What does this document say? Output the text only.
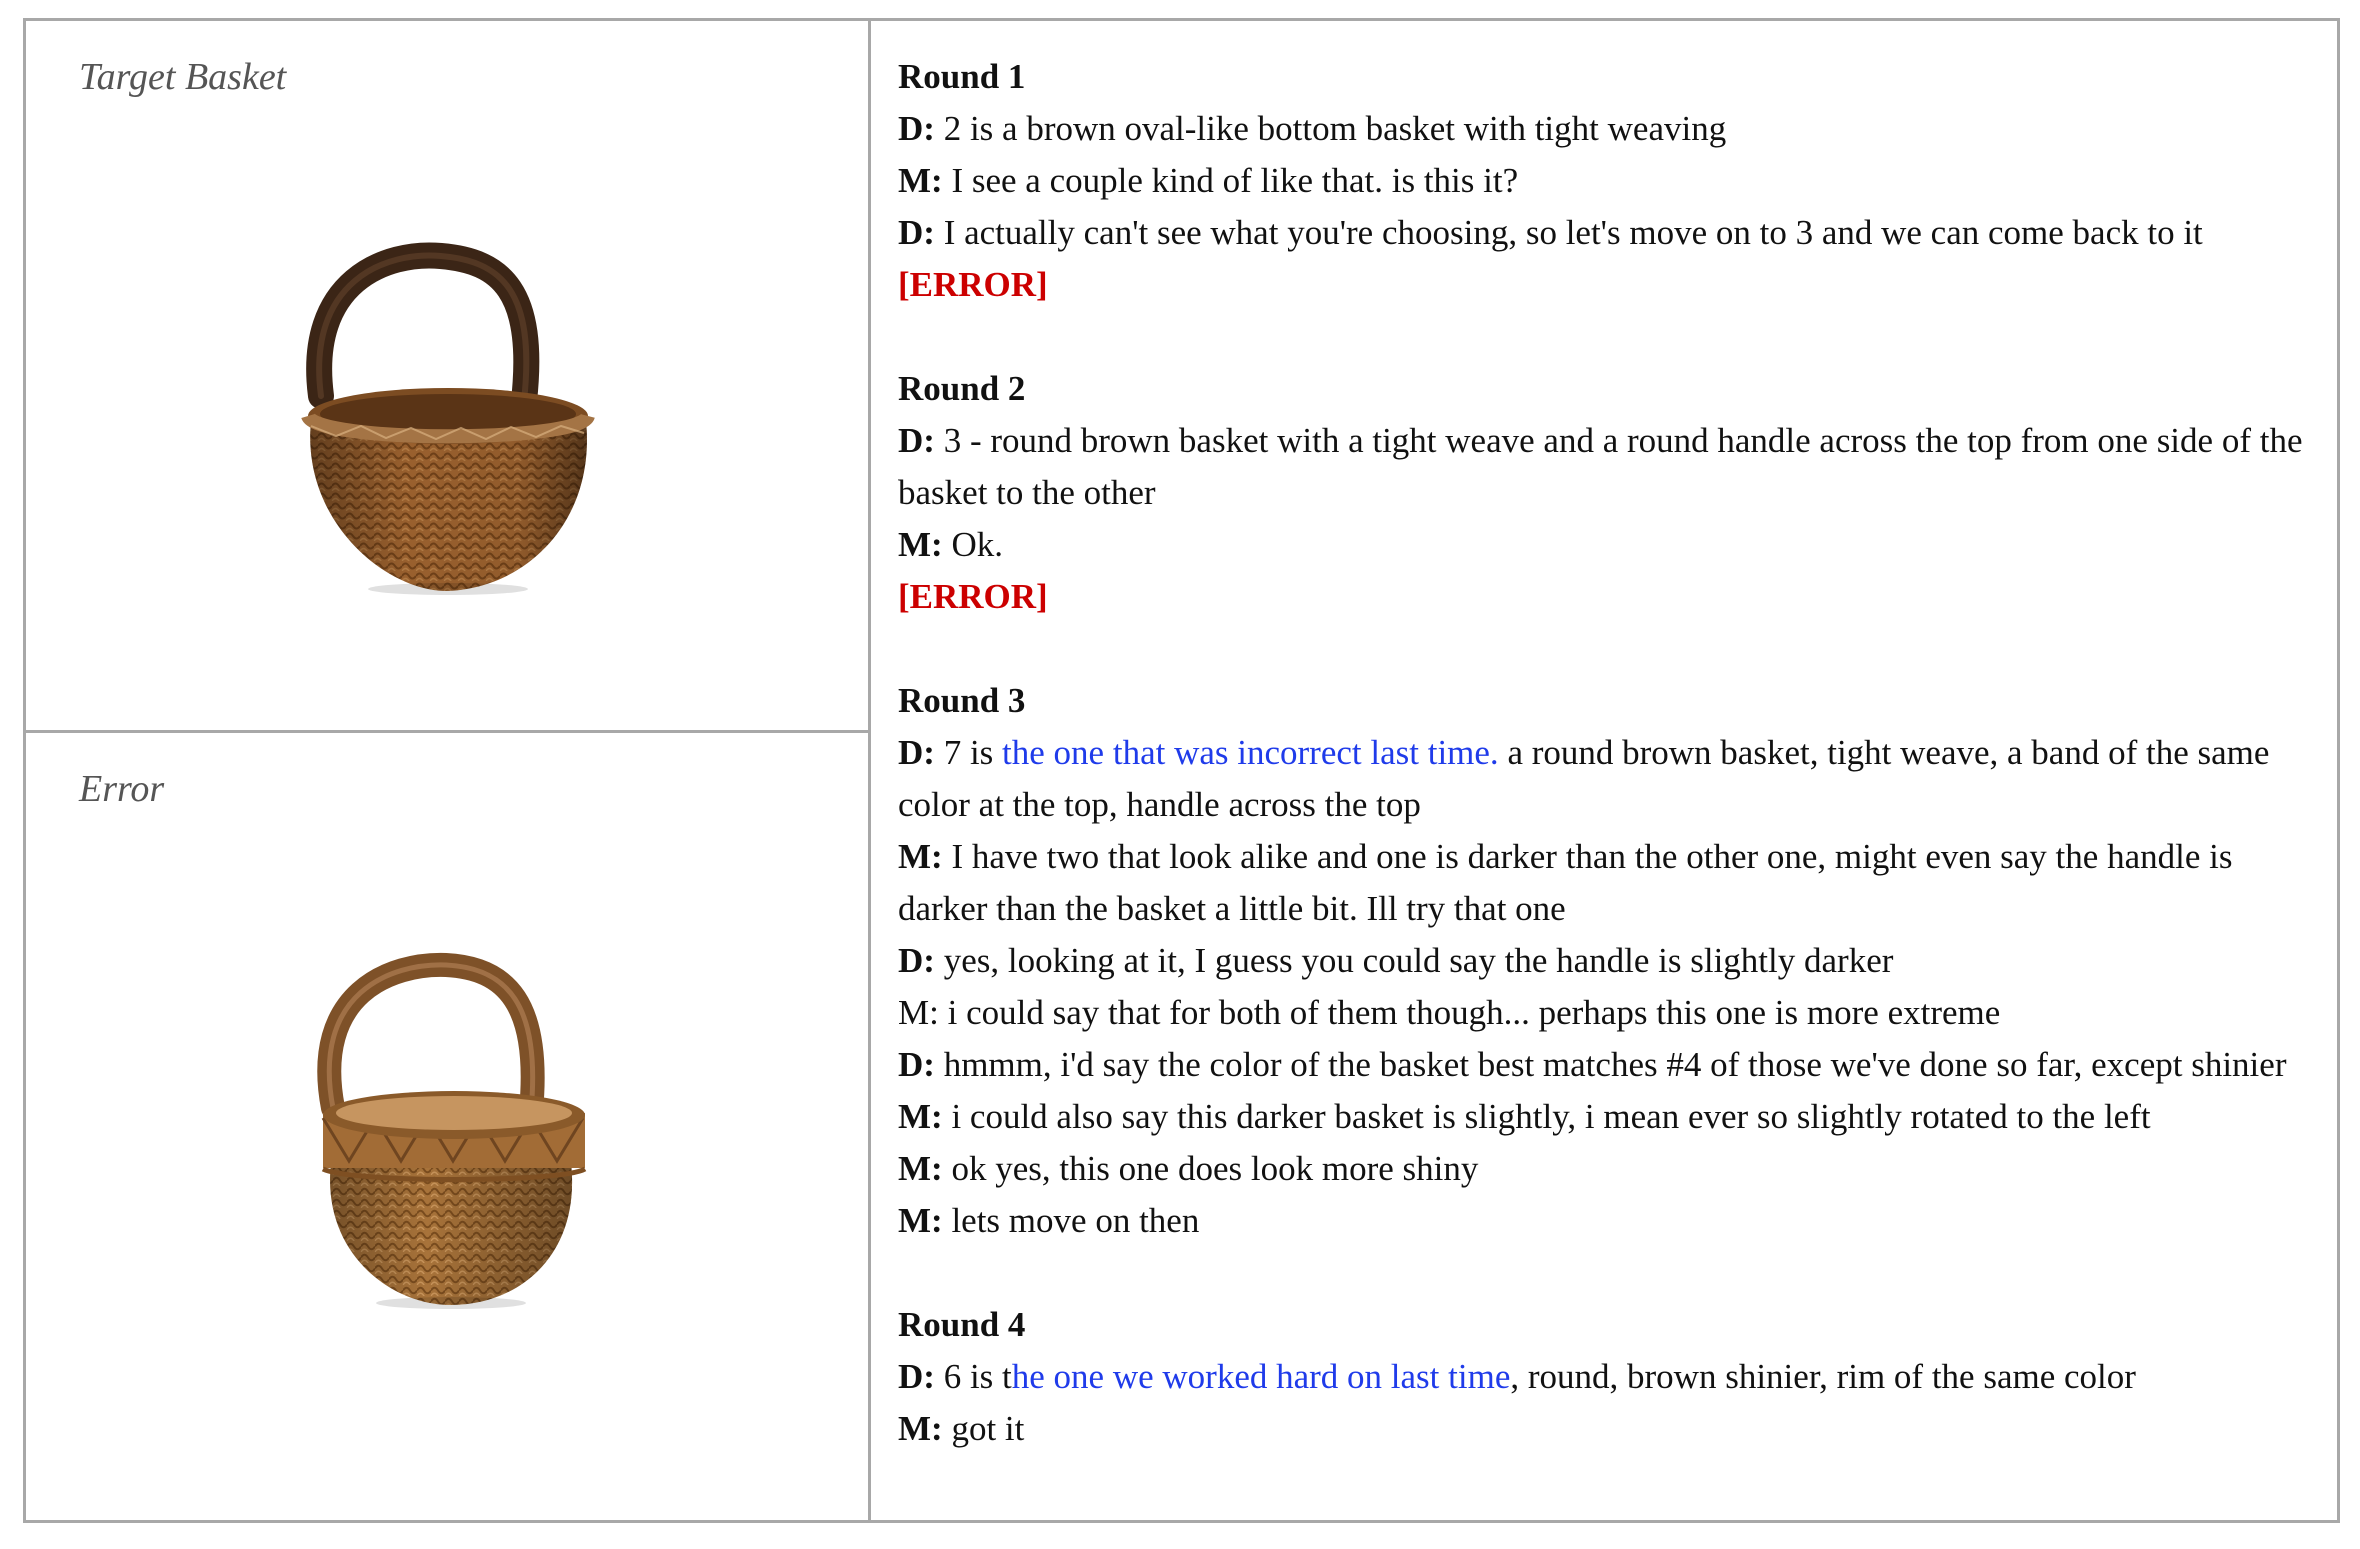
Target Basket
Error
Round 1
D: 2 is a brown oval-like bottom basket with tight weaving
M: I see a couple kind of like that. is this it?
D: I actually can't see what you're choosing, so let's move on to 3 and we can come back to it
[ERROR]
Round 2
D: 3 - round brown basket with a tight weave and a round handle across the top from one side of the basket to the other
M: Ok.
[ERROR]
Round 3
D: 7 is the one that was incorrect last time. a round brown basket, tight weave, a band of the same color at the top, handle across the top
M: I have two that look alike and one is darker than the other one, might even say the handle is darker than the basket a little bit. Ill try that one
D: yes, looking at it, I guess you could say the handle is slightly darker
M: i could say that for both of them though... perhaps this one is more extreme
D: hmmm, i'd say the color of the basket best matches #4 of those we've done so far, except shinier
M: i could also say this darker basket is slightly, i mean ever so slightly rotated to the left
M: ok yes, this one does look more shiny
M: lets move on then
Round 4
D: 6 is the one we worked hard on last time, round, brown shinier, rim of the same color
M: got it
